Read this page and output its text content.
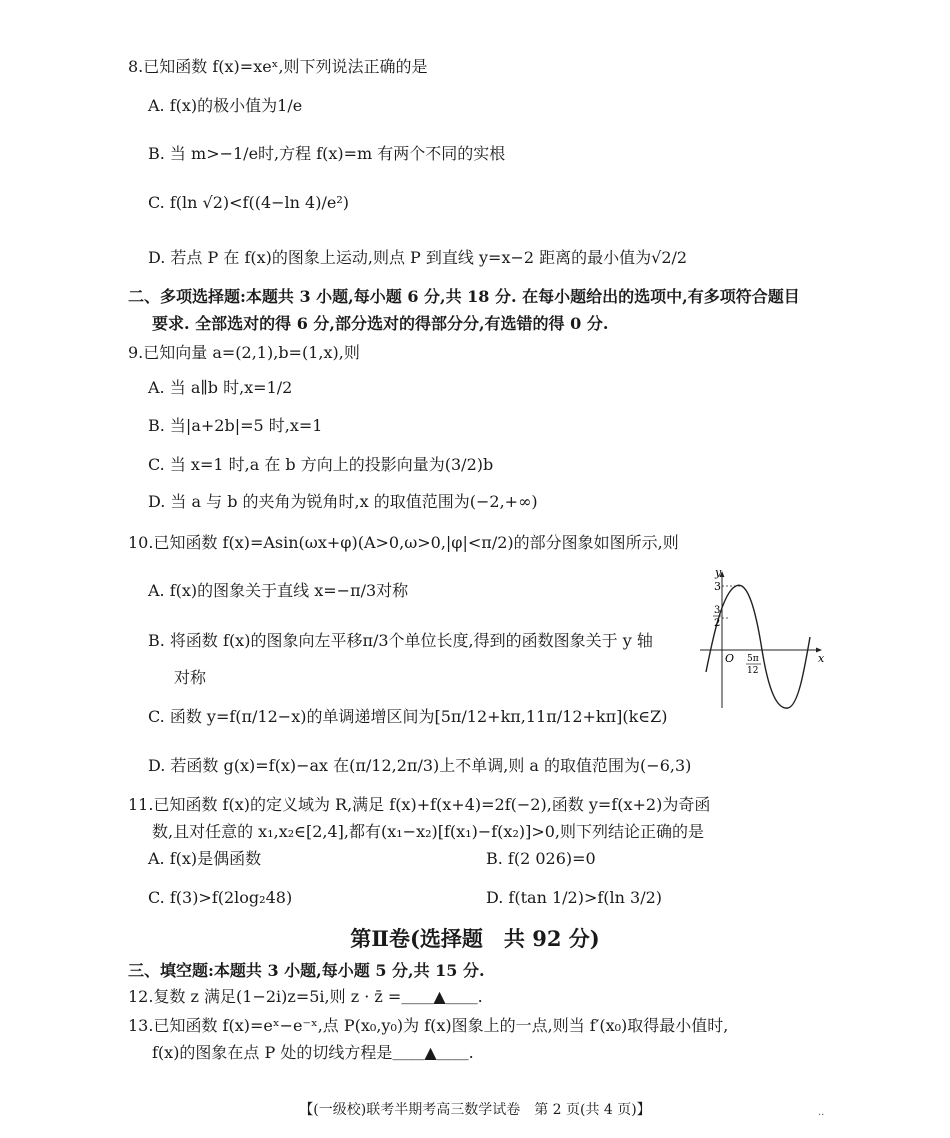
8.已知函数 f(x)=xeˣ,则下列说法正确的是
A. f(x)的极小值为1/e
B. 当 m>−1/e时,方程 f(x)=m 有两个不同的实根
C. f(ln √2)<f((4−ln 4)/e²)
D. 若点 P 在 f(x)的图象上运动,则点 P 到直线 y=x−2 距离的最小值为√2/2
二、多项选择题:本题共 3 小题,每小题 6 分,共 18 分. 在每小题给出的选项中,有多项符合题目
要求. 全部选对的得 6 分,部分选对的得部分分,有选错的得 0 分.
9.已知向量 a=(2,1),b=(1,x),则
A. 当 a∥b 时,x=1/2
B. 当|a+2b|=5 时,x=1
C. 当 x=1 时,a 在 b 方向上的投影向量为(3/2)b
D. 当 a 与 b 的夹角为锐角时,x 的取值范围为(−2,+∞)
10.已知函数 f(x)=Asin(ωx+φ)(A>0,ω>0,|φ|<π/2)的部分图象如图所示,则
A. f(x)的图象关于直线 x=−π/3对称
B. 将函数 f(x)的图象向左平移π/3个单位长度,得到的函数图象关于 y 轴
对称
C. 函数 y=f(π/12−x)的单调递增区间为[5π/12+kπ,11π/12+kπ](k∈Z)
D. 若函数 g(x)=f(x)−ax 在(π/12,2π/3)上不单调,则 a 的取值范围为(−6,3)
y
x
O
3
3
2
5π
12
11.已知函数 f(x)的定义域为 R,满足 f(x)+f(x+4)=2f(−2),函数 y=f(x+2)为奇函
数,且对任意的 x₁,x₂∈[2,4],都有(x₁−x₂)[f(x₁)−f(x₂)]>0,则下列结论正确的是
A. f(x)是偶函数	B. f(2 026)=0
C. f(3)>f(2log₂48)	D. f(tan 1/2)>f(ln 3/2)
第Ⅱ卷(选择题　共 92 分)
三、填空题:本题共 3 小题,每小题 5 分,共 15 分.
12.复数 z 满足(1−2i)z=5i,则 z · z̄ =＿＿▲＿＿.
13.已知函数 f(x)=eˣ−e⁻ˣ,点 P(x₀,y₀)为 f(x)图象上的一点,则当 f′(x₀)取得最小值时,
f(x)的图象在点 P 处的切线方程是＿＿▲＿＿.
【(一级校)联考半期考高三数学试卷　第 2 页(共 4 页)】	..
